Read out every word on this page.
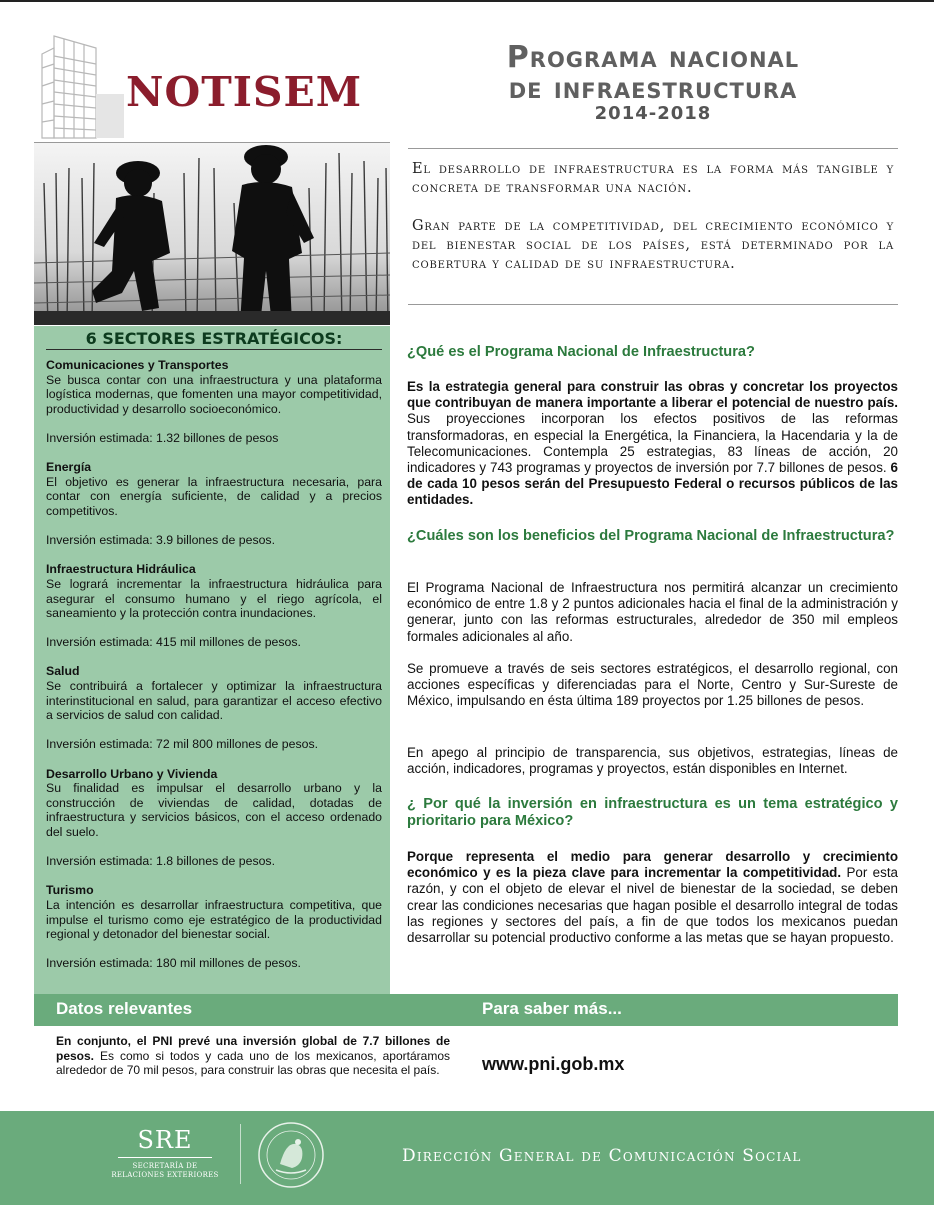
NOTISEM
Programa nacional
de infraestructura
2014-2018

El desarrollo de infraestructura es la forma más tangible y concreta de transformar una nación.

Gran parte de la competitividad, del crecimiento económico y del bienestar social de los países, está determinado por la cobertura y calidad de su infraestructura.

6 SECTORES ESTRATÉGICOS:
Comunicaciones y Transportes
Se busca contar con una infraestructura y una plataforma logística modernas, que fomenten una mayor competitividad, productividad y desarrollo socioeconómico.
Inversión estimada: 1.32 billones de pesos
Energía
El objetivo es generar la infraestructura necesaria, para contar con energía suficiente, de calidad y a precios competitivos.
Inversión estimada: 3.9 billones de pesos.
Infraestructura Hidráulica
Se logrará incrementar la infraestructura hidráulica para asegurar el consumo humano y el riego agrícola, el saneamiento y la protección contra inundaciones.
Inversión estimada: 415 mil millones de pesos.
Salud
Se contribuirá a fortalecer y optimizar la infraestructura interinstitucional en salud, para garantizar el acceso efectivo a servicios de salud con calidad.
Inversión estimada: 72 mil 800 millones de pesos.
Desarrollo Urbano y Vivienda
Su finalidad es impulsar el desarrollo urbano y la construcción de viviendas de calidad, dotadas de infraestructura y servicios básicos, con el acceso ordenado del suelo.
Inversión estimada: 1.8 billones de pesos.
Turismo
La intención es desarrollar infraestructura competitiva, que impulse el turismo como eje estratégico de la productividad regional y detonador del bienestar social.
Inversión estimada: 180 mil millones de pesos.
¿Qué es el Programa Nacional de Infraestructura?
Es la estrategia general para construir las obras y concretar los proyectos que contribuyan de manera importante a liberar el potencial de nuestro país. Sus proyecciones incorporan los efectos positivos de las reformas transformadoras, en especial la Energética, la Financiera, la Hacendaria y la de Telecomunicaciones. Contempla 25 estrategias, 83 líneas de acción, 20 indicadores y 743 programas y proyectos de inversión por 7.7 billones de pesos. 6 de cada 10 pesos serán del Presupuesto Federal o recursos públicos de las entidades.
¿Cuáles son los beneficios del Programa Nacional de Infraestructura?
El Programa Nacional de Infraestructura nos permitirá alcanzar un crecimiento económico de entre 1.8 y 2 puntos adicionales hacia el final de la administración y generar, junto con las reformas estructurales, alrededor de 350 mil empleos formales adicionales al año.
Se promueve a través de seis sectores estratégicos, el desarrollo regional, con acciones específicas y diferenciadas para el Norte, Centro y Sur-Sureste de México, impulsando en ésta última 189 proyectos por 1.25 billones de pesos.
En apego al principio de transparencia, sus objetivos, estrategias, líneas de acción, indicadores, programas y proyectos, están disponibles en Internet.
¿ Por qué la inversión en infraestructura es un tema estratégico y prioritario para México?
Porque representa el medio para generar desarrollo y crecimiento económico y es la pieza clave para incrementar la competitividad. Por esta razón, y con el objeto de elevar el nivel de bienestar de la sociedad, se deben crear las condiciones necesarias que hagan posible el desarrollo integral de todas las regiones y sectores del país, a fin de que todos los mexicanos puedan desarrollar su potencial productivo conforme a las metas que se hayan propuesto.
Datos relevantes	Para saber más...
En conjunto, el PNI prevé una inversión global de 7.7 billones de pesos. Es como si todos y cada uno de los mexicanos, aportáramos alrededor de 70 mil pesos, para construir las obras que necesita el país.	www.pni.gob.mx
SRE
SECRETARÍA DE
RELACIONES EXTERIORES
Dirección General de Comunicación Social
